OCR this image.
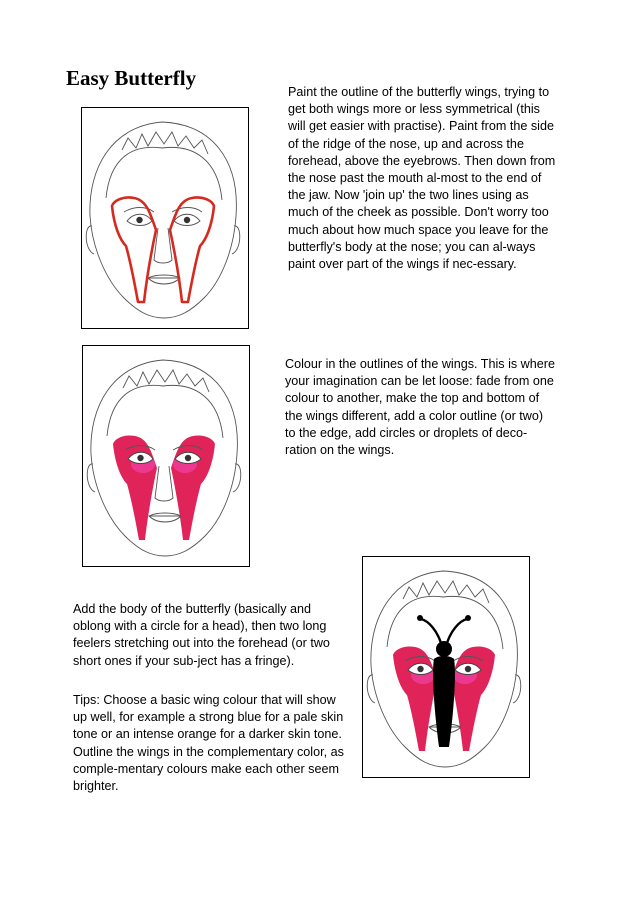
Easy Butterfly

Paint the outline of the butterfly wings, trying to get both wings more or less symmetrical (this will get easier with practise). Paint from the side of the ridge of the nose, up and across the forehead, above the eyebrows. Then down from the nose past the mouth al-most to the end of the jaw. Now 'join up' the two lines using as much of the cheek as possible. Don't worry too much about how much space you leave for the butterfly's body at the nose; you can al-ways paint over part of the wings if nec-essary.

Colour in the outlines of the wings. This is where your imagination can be let loose: fade from one colour to another, make the top and bottom of the wings different, add a color outline (or two) to the edge, add circles or droplets of deco-ration on the wings.

Add the body of the butterfly (basically and oblong with a circle for a head), then two long feelers stretching out into the forehead (or two short ones if your sub-ject has a fringe).

Tips: Choose a basic wing colour that will show up well, for example a strong blue for a pale skin tone or an intense orange for a darker skin tone. Outline the wings in the complementary color, as comple-mentary colours make each other seem brighter.
